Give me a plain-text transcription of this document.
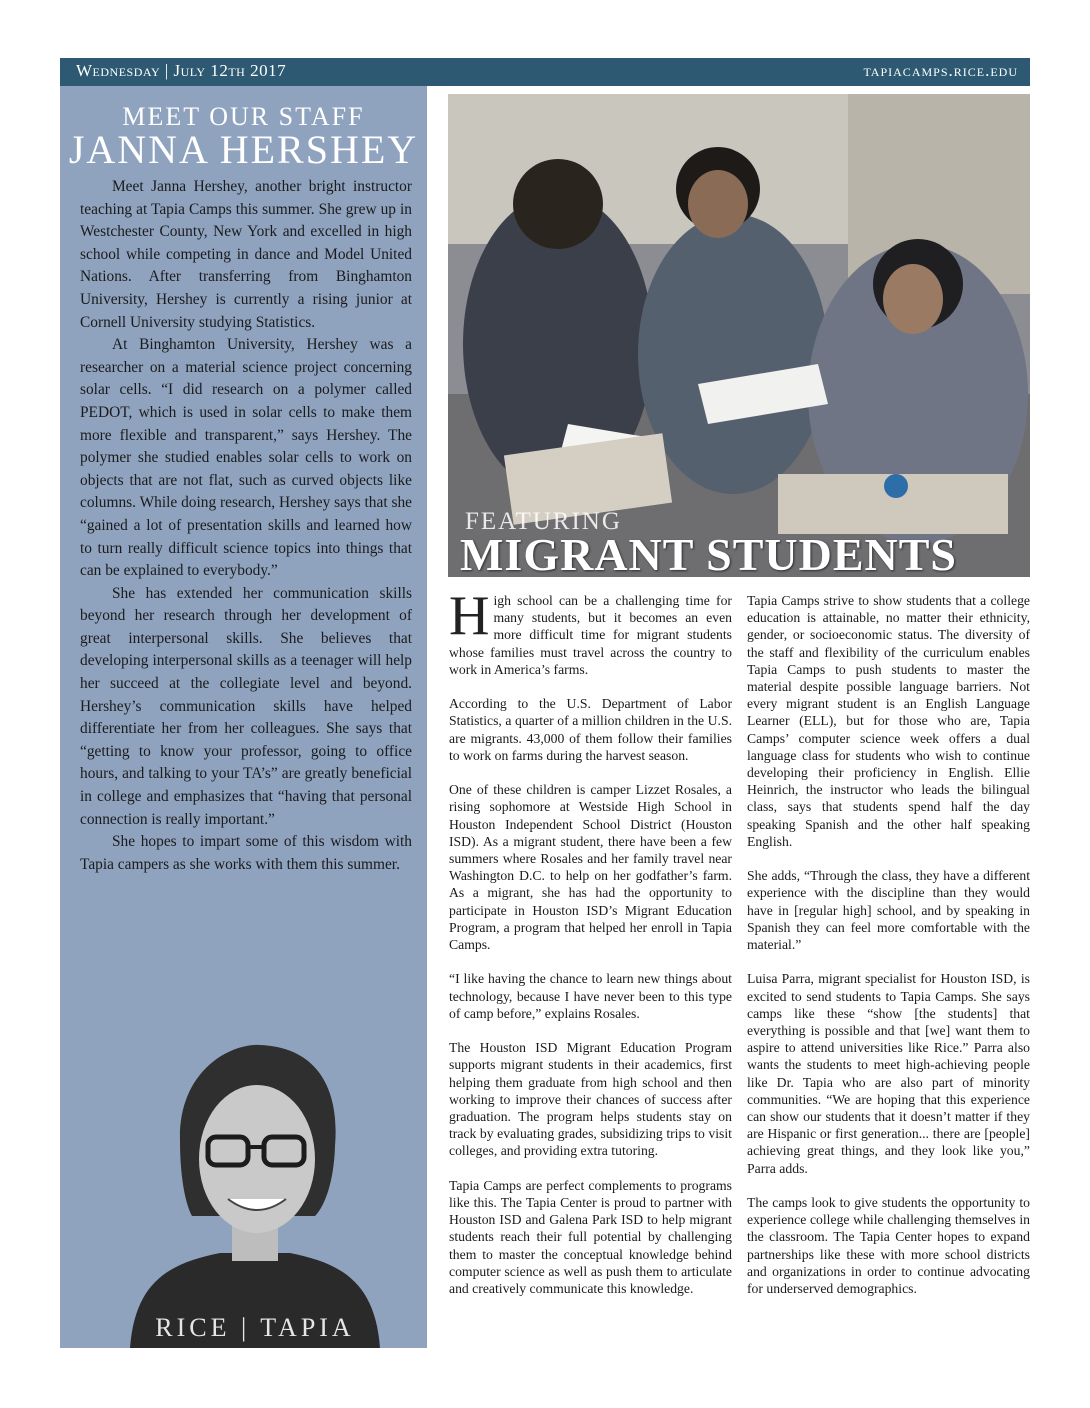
Wednesday | July 12th 2017	tapiacamps.rice.edu
MEET OUR STAFF
JANNA HERSHEY

Meet Janna Hershey, another bright instructor teaching at Tapia Camps this summer. She grew up in Westchester County, New York and excelled in high school while competing in dance and Model United Nations. After transferring from Binghamton University, Hershey is currently a rising junior at Cornell University studying Statistics.

At Binghamton University, Hershey was a researcher on a material science project concerning solar cells. “I did research on a polymer called PEDOT, which is used in solar cells to make them more flexible and transparent,” says Hershey. The polymer she studied enables solar cells to work on objects that are not flat, such as curved objects like columns. While doing research, Hershey says that she “gained a lot of presentation skills and learned how to turn really difficult science topics into things that can be explained to everybody.”

She has extended her communication skills beyond her research through her development of great interpersonal skills. She believes that developing interpersonal skills as a teenager will help her succeed at the collegiate level and beyond. Hershey’s communication skills have helped differentiate her from her colleagues. She says that “getting to know your professor, going to office hours, and talking to your TA’s” are greatly beneficial in college and emphasizes that “having that personal connection is really important.”

She hopes to impart some of this wisdom with Tapia campers as she works with them this summer.

RICE | TAPIA
FEATURING
MIGRANT STUDENTS

High school can be a challenging time for many students, but it becomes an even more difficult time for migrant students whose families must travel across the country to work in America’s farms.

According to the U.S. Department of Labor Statistics, a quarter of a million children in the U.S. are migrants. 43,000 of them follow their families to work on farms during the harvest season.

One of these children is camper Lizzet Rosales, a rising sophomore at Westside High School in Houston Independent School District (Houston ISD). As a migrant student, there have been a few summers where Rosales and her family travel near Washington D.C. to help on her godfather’s farm. As a migrant, she has had the opportunity to participate in Houston ISD’s Migrant Education Program, a program that helped her enroll in Tapia Camps.

“I like having the chance to learn new things about technology, because I have never been to this type of camp before,” explains Rosales.

The Houston ISD Migrant Education Program supports migrant students in their academics, first helping them graduate from high school and then working to improve their chances of success after graduation. The program helps students stay on track by evaluating grades, subsidizing trips to visit colleges, and providing extra tutoring.

Tapia Camps are perfect complements to programs like this. The Tapia Center is proud to partner with Houston ISD and Galena Park ISD to help migrant students reach their full potential by challenging them to master the conceptual knowledge behind computer science as well as push them to articulate and creatively communicate this knowledge.

Tapia Camps strive to show students that a college education is attainable, no matter their ethnicity, gender, or socioeconomic status. The diversity of the staff and flexibility of the curriculum enables Tapia Camps to push students to master the material despite possible language barriers. Not every migrant student is an English Language Learner (ELL), but for those who are, Tapia Camps’ computer science week offers a dual language class for students who wish to continue developing their proficiency in English. Ellie Heinrich, the instructor who leads the bilingual class, says that students spend half the day speaking Spanish and the other half speaking English.

She adds, “Through the class, they have a different experience with the discipline than they would have in [regular high] school, and by speaking in Spanish they can feel more comfortable with the material.”

Luisa Parra, migrant specialist for Houston ISD, is excited to send students to Tapia Camps. She says camps like these “show [the students] that everything is possible and that [we] want them to aspire to attend universities like Rice.” Parra also wants the students to meet high-achieving people like Dr. Tapia who are also part of minority communities. “We are hoping that this experience can show our students that it doesn’t matter if they are Hispanic or first generation... there are [people] achieving great things, and they look like you,” Parra adds.

The camps look to give students the opportunity to experience college while challenging themselves in the classroom. The Tapia Center hopes to expand partnerships like these with more school districts and organizations in order to continue advocating for underserved demographics.
